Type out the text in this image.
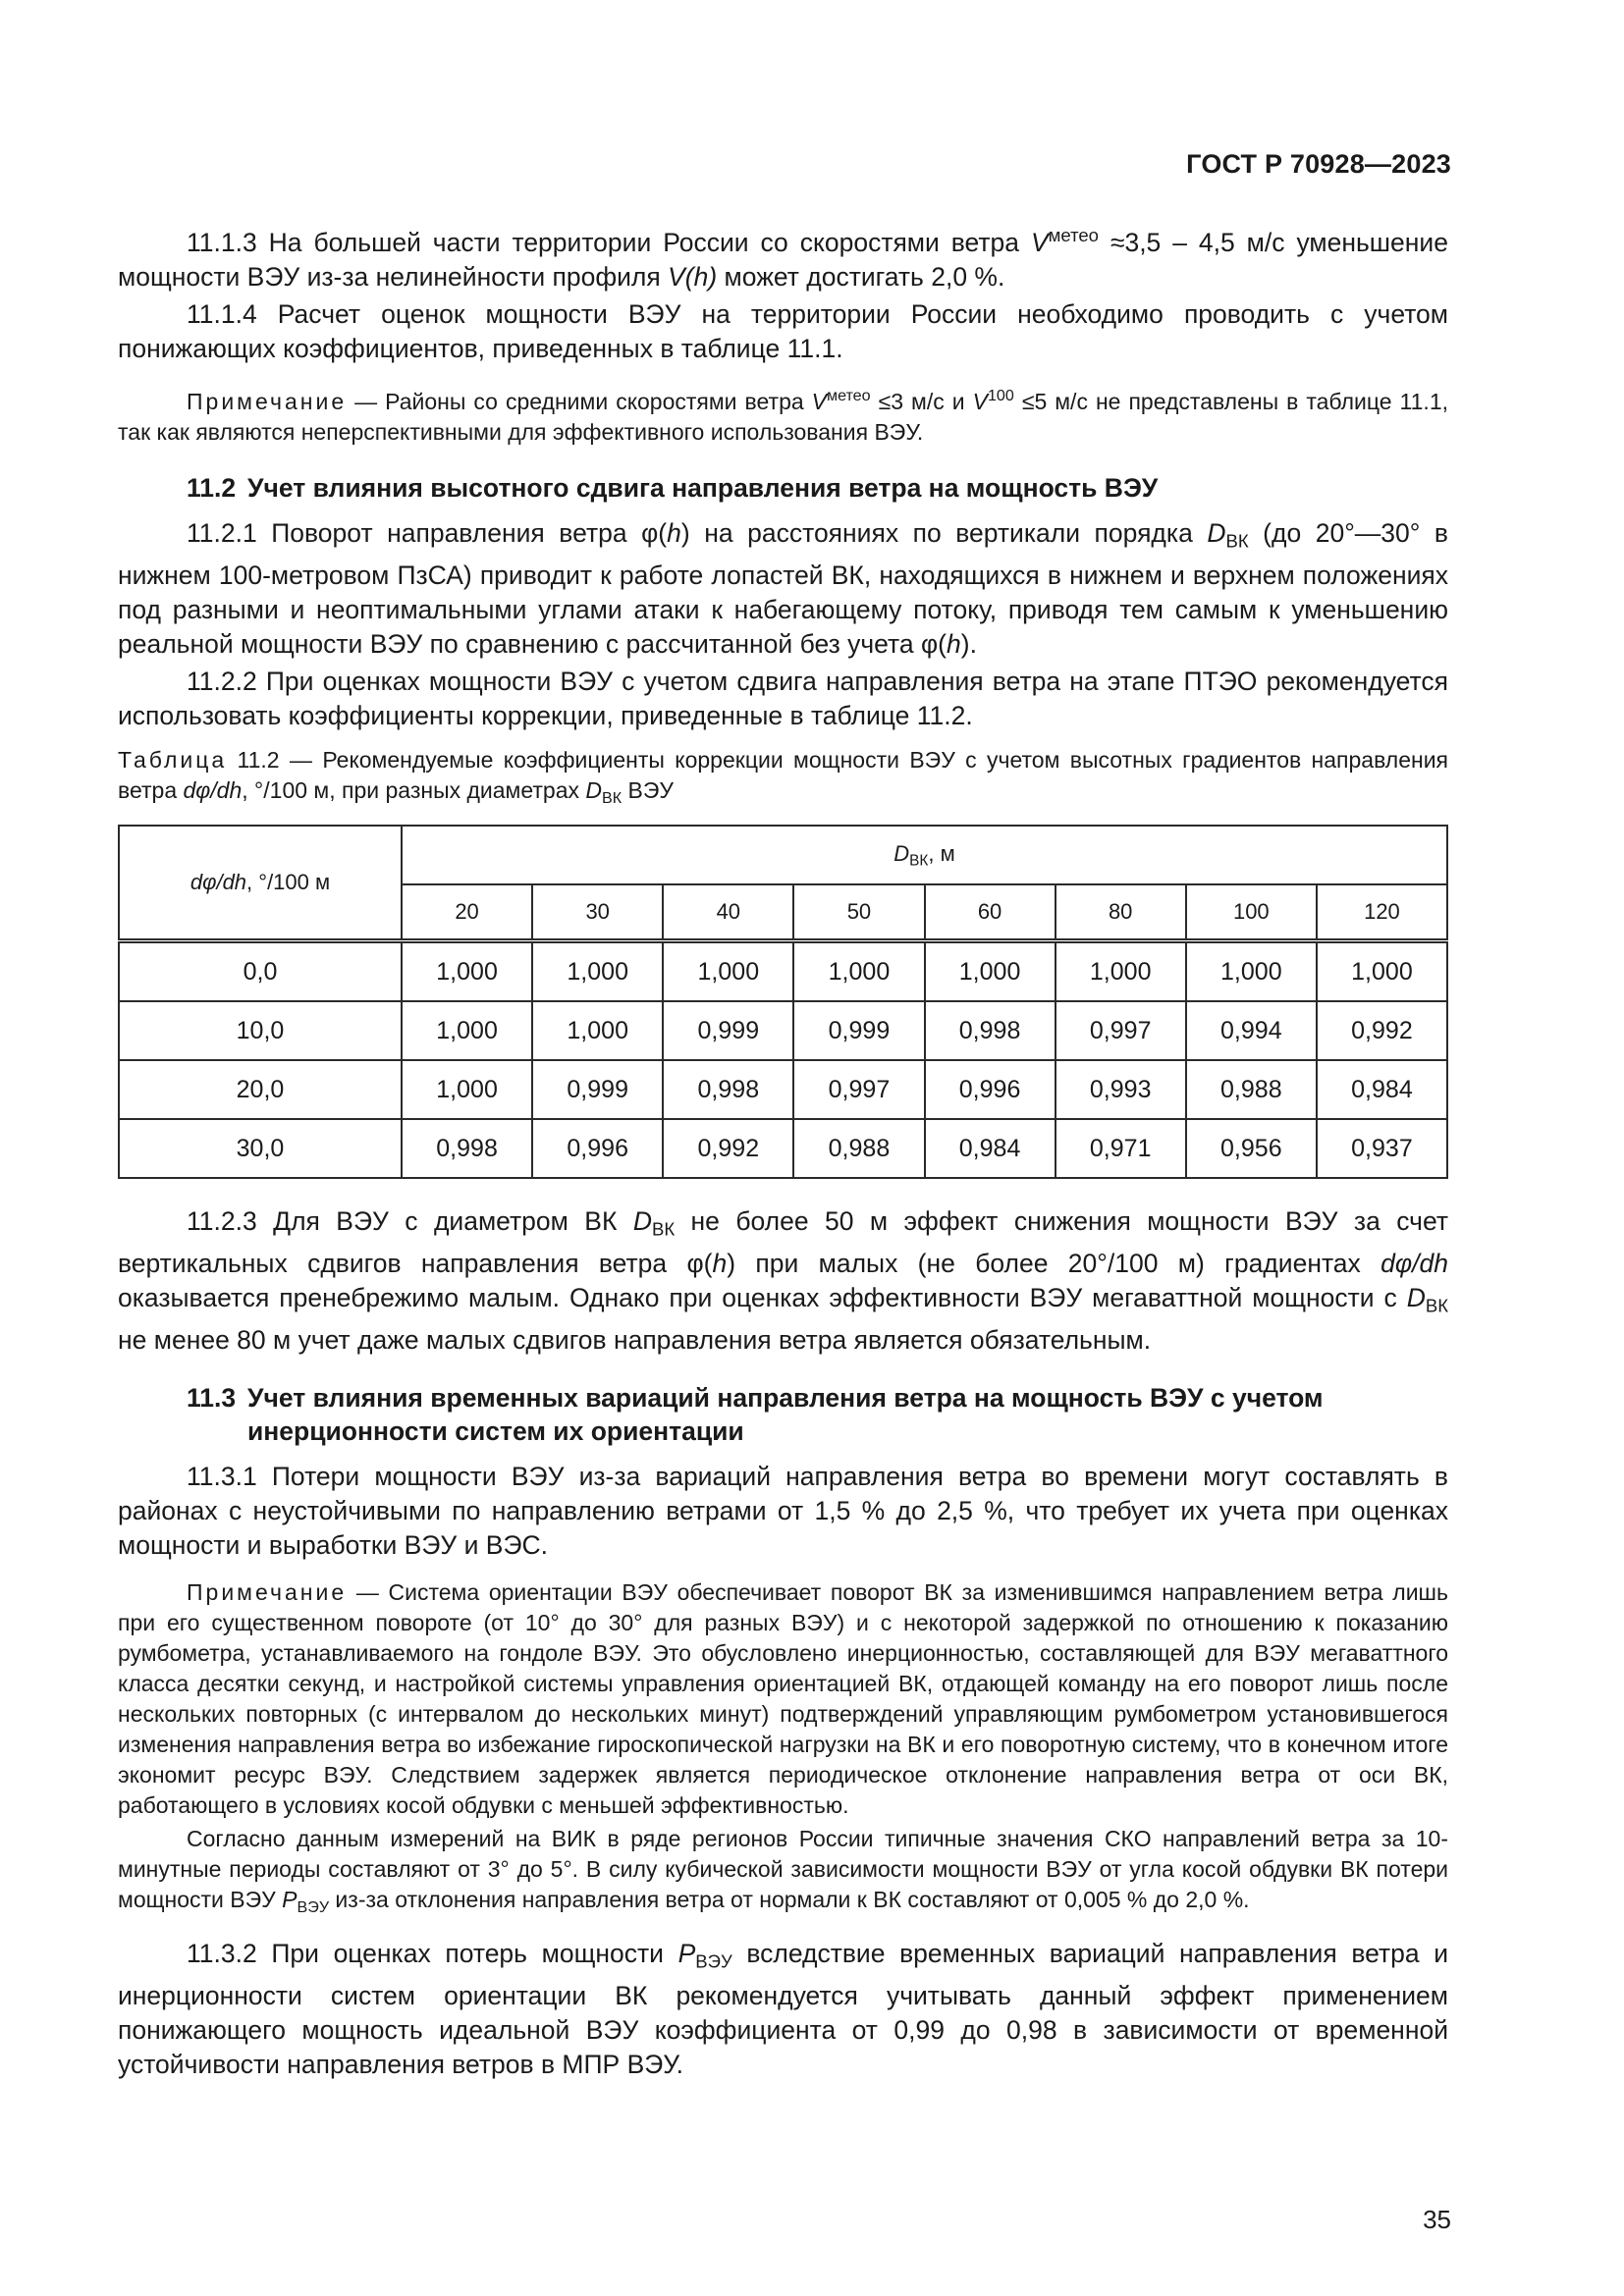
ГОСТ Р 70928—2023

11.1.3 На большей части территории России со скоростями ветра $V^{метео} \approx 3,5 - 4,5$ м/с уменьшение мощности ВЭУ из-за нелинейности профиля V(h) может достигать 2,0 %.

11.1.4 Расчет оценок мощности ВЭУ на территории России необходимо проводить с учетом понижающих коэффициентов, приведенных в таблице 11.1.

Примечание — Районы со средними скоростями ветра $V^{метео} \le 3$ м/с и $V^{100} \le 5$ м/с не представлены в таблице 11.1, так как являются неперспективными для эффективного использования ВЭУ.

11.2 Учет влияния высотного сдвига направления ветра на мощность ВЭУ

11.2.1 Поворот направления ветра φ(h) на расстояниях по вертикали порядка $D_{ВК}$ (до 20°—30° в нижнем 100-метровом ПзСА) приводит к работе лопастей ВК, находящихся в нижнем и верхнем положениях под разными и неоптимальными углами атаки к набегающему потоку, приводя тем самым к уменьшению реальной мощности ВЭУ по сравнению с рассчитанной без учета φ(h).

11.2.2 При оценках мощности ВЭУ с учетом сдвига направления ветра на этапе ПТЭО рекомендуется использовать коэффициенты коррекции, приведенные в таблице 11.2.

Таблица 11.2 — Рекомендуемые коэффициенты коррекции мощности ВЭУ с учетом высотных градиентов направления ветра dφ/dh, °/100 м, при разных диаметрах $D_{ВК}$ ВЭУ

dφ/dh, °/100 м	$D_{ВК}$, м							
	20	30	40	50	60	80	100	120
0,0	1,000	1,000	1,000	1,000	1,000	1,000	1,000	1,000
10,0	1,000	1,000	0,999	0,999	0,998	0,997	0,994	0,992
20,0	1,000	0,999	0,998	0,997	0,996	0,993	0,988	0,984
30,0	0,998	0,996	0,992	0,988	0,984	0,971	0,956	0,937

11.2.3 Для ВЭУ с диаметром ВК $D_{ВК}$ не более 50 м эффект снижения мощности ВЭУ за счет вертикальных сдвигов направления ветра φ(h) при малых (не более 20°/100 м) градиентах dφ/dh оказывается пренебрежимо малым. Однако при оценках эффективности ВЭУ мегаваттной мощности с $D_{ВК}$ не менее 80 м учет даже малых сдвигов направления ветра является обязательным.

11.3 Учет влияния временных вариаций направления ветра на мощность ВЭУ с учетом
инерционности систем их ориентации

11.3.1 Потери мощности ВЭУ из-за вариаций направления ветра во времени могут составлять в районах с неустойчивыми по направлению ветрами от 1,5 % до 2,5 %, что требует их учета при оценках мощности и выработки ВЭУ и ВЭС.

Примечание — Система ориентации ВЭУ обеспечивает поворот ВК за изменившимся направлением ветра лишь при его существенном повороте (от 10° до 30° для разных ВЭУ) и с некоторой задержкой по отношению к показанию румбометра, устанавливаемого на гондоле ВЭУ. Это обусловлено инерционностью, составляющей для ВЭУ мегаваттного класса десятки секунд, и настройкой системы управления ориентацией ВК, отдающей команду на его поворот лишь после нескольких повторных (с интервалом до нескольких минут) подтверждений управляющим румбометром установившегося изменения направления ветра во избежание гироскопической нагрузки на ВК и его поворотную систему, что в конечном итоге экономит ресурс ВЭУ. Следствием задержек является периодическое отклонение направления ветра от оси ВК, работающего в условиях косой обдувки с меньшей эффективностью.

Согласно данным измерений на ВИК в ряде регионов России типичные значения СКО направлений ветра за 10-минутные периоды составляют от 3° до 5°. В силу кубической зависимости мощности ВЭУ от угла косой обдувки ВК потери мощности ВЭУ $P_{ВЭУ}$ из-за отклонения направления ветра от нормали к ВК составляют от 0,005 % до 2,0 %.

11.3.2 При оценках потерь мощности $P_{ВЭУ}$ вследствие временных вариаций направления ветра и инерционности систем ориентации ВК рекомендуется учитывать данный эффект применением понижающего мощность идеальной ВЭУ коэффициента от 0,99 до 0,98 в зависимости от временной устойчивости направления ветров в МПР ВЭУ.

35
